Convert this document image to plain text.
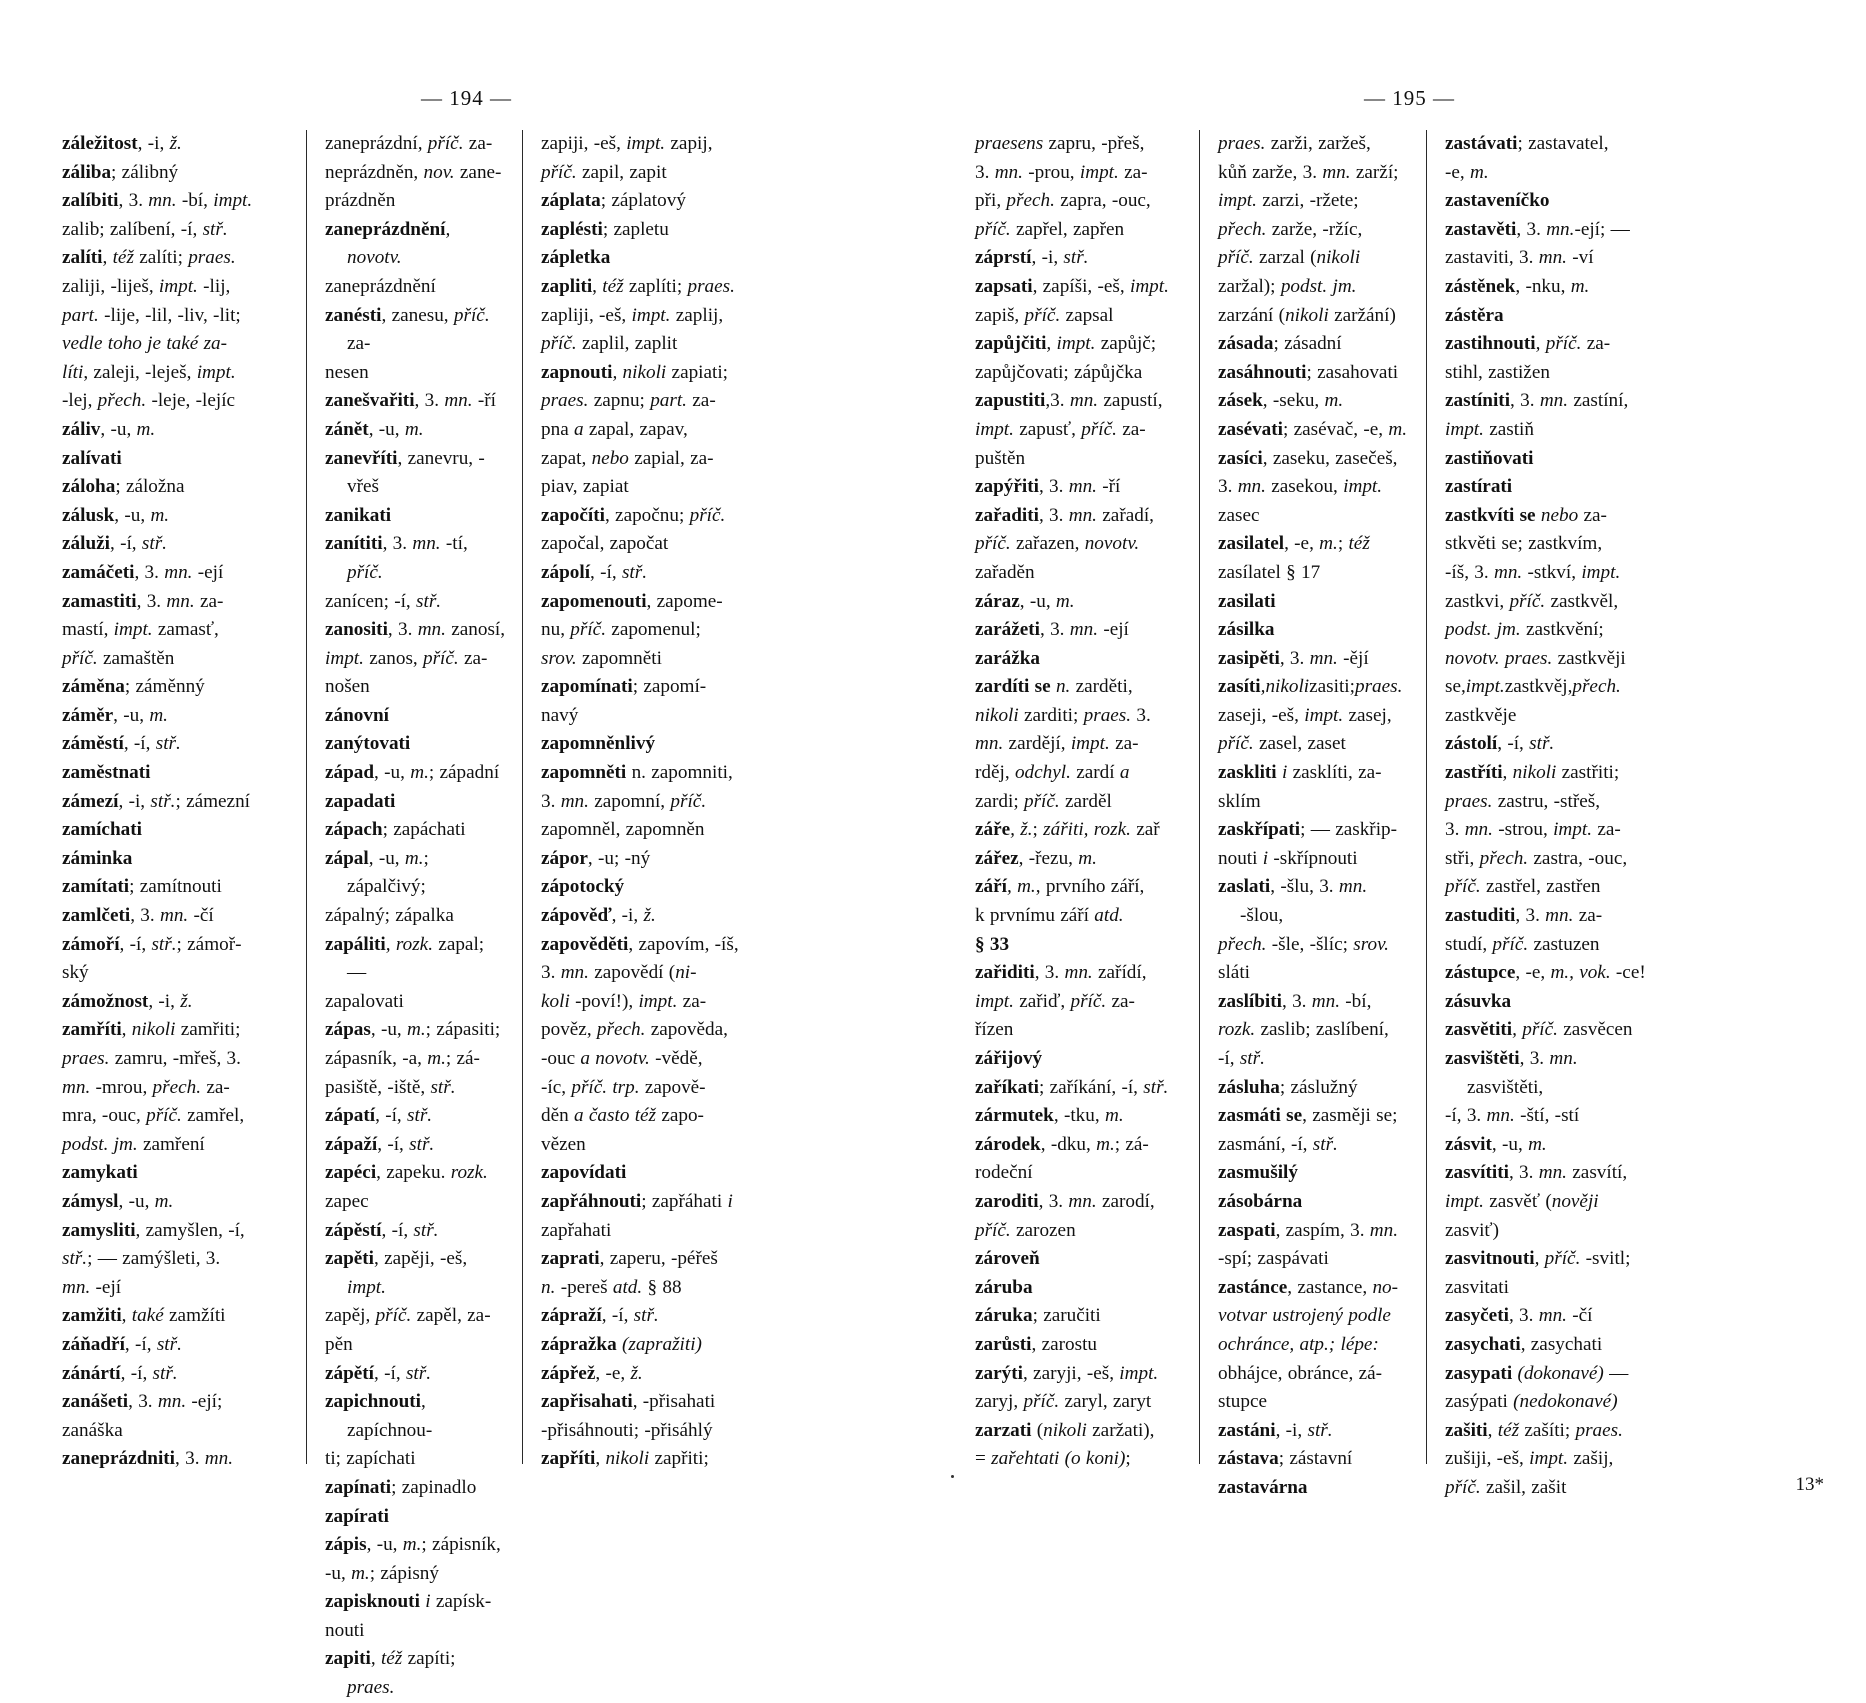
— 194 —
záležitost, -i, ž.
záliba; zálibný
zalíbiti, 3. mn. -bí, impt.
zalib; zalíbení, -í, stř.
zalíti, též zalíti; praes.
zaliji, -liješ, impt. -lij,
part. -lije, -lil, -liv, -lit;
vedle toho je také za-
líti, zaleji, -leješ, impt.
-lej, přech. -leje, -lejíc
záliv, -u, m.
zalívati
záloha; záložna
zálusk, -u, m.
záluži, -í, stř.
zamáčeti, 3. mn. -ejí
zamastiti, 3. mn. za-
mastí, impt. zamasť,
příč. zamaštěn
záměna; záměnný
záměr, -u, m.
záměstí, -í, stř.
zaměstnati
zámezí, -i, stř.; zámezní
zamíchati
záminka
zamítati; zamítnouti
zamlčeti, 3. mn. -čí
zámoří, -í, stř.; zámoř-
ský
zámožnost, -i, ž.
zamříti, nikoli zamřiti;
praes. zamru, -mřeš, 3.
mn. -mrou, přech. za-
mra, -ouc, příč. zamřel,
podst. jm. zamření
zamykati
zámysl, -u, m.
zamysliti, zamyšlen, -í,
stř.; — zamýšleti, 3.
mn. -ejí
zamžiti, také zamžíti
záňadří, -í, stř.
zánártí, -í, stř.
zanášeti, 3. mn. -ejí;
zanáška
zaneprázdniti, 3. mn.
zaneprázdní, příč. za-
neprázdněn, nov. zane-
prázdněn
zaneprázdnění, novotv.
zaneprázdnění
zanésti, zanesu, příč. za-
nesen
zanešvařiti, 3. mn. -ří
zánět, -u, m.
zanevříti, zanevru, -vřeš
zanikati
zanítiti, 3. mn. -tí, příč.
zanícen; -í, stř.
zanositi, 3. mn. zanosí,
impt. zanos, příč. za-
nošen
zánovní
zanýtovati
západ, -u, m.; západní
zapadati
zápach; zapáchati
zápal, -u, m.; zápalčivý;
zápalný; zápalka
zapáliti, rozk. zapal; —
zapalovati
zápas, -u, m.; zápasiti;
zápasník, -a, m.; zá-
pasiště, -iště, stř.
zápatí, -í, stř.
zápaží, -í, stř.
zapéci, zapeku. rozk.
zapec
zápěstí, -í, stř.
zapěti, zapěji, -eš, impt.
zapěj, příč. zapěl, za-
pěn
zápětí, -í, stř.
zapichnouti, zapíchnou-
ti; zapíchati
zapínati; zapinadlo
zapírati
zápis, -u, m.; zápisník,
-u, m.; zápisný
zapisknouti i zapísk-
nouti
zapiti, též zapíti; praes.
zapiji, -eš, impt. zapij,
příč. zapil, zapit
záplata; záplatový
zaplésti; zapletu
zápletka
zapliti, též zaplíti; praes.
zapliji, -eš, impt. zaplij,
příč. zaplil, zaplit
zapnouti, nikoli zapiati;
praes. zapnu; part. za-
pna a zapal, zapav,
zapat, nebo zapial, za-
piav, zapiat
započíti, započnu; příč.
započal, započat
zápolí, -í, stř.
zapomenouti, zapome-
nu, příč. zapomenul;
srov. zapomněti
zapomínati; zapomí-
navý
zapomněnlivý
zapomněti n. zapomniti,
3. mn. zapomní, příč.
zapomněl, zapomněn
zápor, -u; -ný
zápotocký
zápověď, -i, ž.
zapověděti, zapovím, -íš,
3. mn. zapovědí (ni-
koli -poví!), impt. za-
pověz, přech. zapověda,
-ouc a novotv. -vědě,
-íc, příč. trp. zapově-
děn a často též zapo-
vězen
zapovídati
zapřáhnouti; zapřáhati i
zapřahati
zaprati, zaperu, -péřeš
n. -pereš atd. § 88
zápraží, -í, stř.
zápražka (zapražiti)
zápřež, -e, ž.
zapřisahati, -přisahati
-přisáhnouti; -přisáhlý
zapříti, nikoli zapřiti;
— 195 —
praesens zapru, -přeš,
3. mn. -prou, impt. za-
při, přech. zapra, -ouc,
příč. zapřel, zapřen
záprstí, -i, stř.
zapsati, zapíši, -eš, impt.
zapiš, příč. zapsal
zapůjčiti, impt. zapůjč;
zapůjčovati; zápůjčka
zapustiti,3. mn. zapustí,
impt. zapusť, příč. za-
puštěn
zapýřiti, 3. mn. -ří
zařaditi, 3. mn. zařadí,
příč. zařazen, novotv.
zařaděn
záraz, -u, m.
zarážeti, 3. mn. -ejí
zarážka
zardíti se n. zarděti,
nikoli zarditi; praes. 3.
mn. zardějí, impt. za-
rděj, odchyl. zardí a
zardi; příč. zarděl
záře, ž.; zářiti, rozk. zař
zářez, -řezu, m.
září, m., prvního září,
k prvnímu září atd.
§ 33
zařiditi, 3. mn. zařídí,
impt. zařiď, příč. za-
řízen
zářijový
zaříkati; zaříkání, -í, stř.
zármutek, -tku, m.
zárodek, -dku, m.; zá-
rodeční
zaroditi, 3. mn. zarodí,
příč. zarozen
zároveň
záruba
záruka; zaručiti
zarůsti, zarostu
zarýti, zaryji, -eš, impt.
zaryj, příč. zaryl, zaryt
zarzati (nikoli zaržati),
= zařehtati (o koni);
praes. zarži, zaržeš,
kůň zarže, 3. mn. zarží;
impt. zarzi, -ržete;
přech. zarže, -ržíc,
příč. zarzal (nikoli
zaržal); podst. jm.
zarzání (nikoli zaržání)
zásada; zásadní
zasáhnouti; zasahovati
zásek, -seku, m.
zasévati; zasévač, -e, m.
zasíci, zaseku, zasečeš,
3. mn. zasekou, impt.
zasec
zasilatel, -e, m.; též
zasílatel § 17
zasilati
zásilka
zasipěti, 3. mn. -ějí
zasíti,nikolizasiti;praes.
zaseji, -eš, impt. zasej,
příč. zasel, zaset
zaskliti i zasklíti, za-
sklím
zaskřípati; — zaskřip-
nouti i -skřípnouti
zaslati, -šlu, 3. mn. -šlou,
přech. -šle, -šlíc; srov.
sláti
zaslíbiti, 3. mn. -bí,
rozk. zaslib; zaslíbení,
-í, stř.
zásluha; záslužný
zasmáti se, zasměji se;
zasmání, -í, stř.
zasmušilý
zásobárna
zaspati, zaspím, 3. mn.
-spí; zaspávati
zastánce, zastance, no-
votvar ustrojený podle
ochránce, atp.; lépe:
obhájce, obránce, zá-
stupce
zastáni, -i, stř.
zástava; zástavní
zastavárna
zastávati; zastavatel,
-e, m.
zastaveníčko
zastavěti, 3. mn.-ejí; —
zastaviti, 3. mn. -ví
zástěnek, -nku, m.
zástěra
zastihnouti, příč. za-
stihl, zastižen
zastíniti, 3. mn. zastíní,
impt. zastiň
zastiňovati
zastírati
zastkvíti se nebo za-
stkvěti se; zastkvím,
-íš, 3. mn. -stkví, impt.
zastkvi, příč. zastkvěl,
podst. jm. zastkvění;
novotv. praes. zastkvěji
se,impt.zastkvěj,přech.
zastkvěje
zástolí, -í, stř.
zastříti, nikoli zastřiti;
praes. zastru, -střeš,
3. mn. -strou, impt. za-
stři, přech. zastra, -ouc,
příč. zastřel, zastřen
zastuditi, 3. mn. za-
studí, příč. zastuzen
zástupce, -e, m., vok. -ce!
zásuvka
zasvětiti, příč. zasvěcen
zasvištěti, 3. mn. zasvištěti,
-í, 3. mn. -ští, -stí
zásvit, -u, m.
zasvítiti, 3. mn. zasvítí,
impt. zasvěť (nověji
zasviť)
zasvitnouti, příč. -svitl;
zasvitati
zasyčeti, 3. mn. -čí
zasychati, zasychati
zasypati (dokonavé) —
zasýpati (nedokonavé)
zašiti, též zašíti; praes.
zušiji, -eš, impt. zašij,
příč. zašil, zašit	13*
